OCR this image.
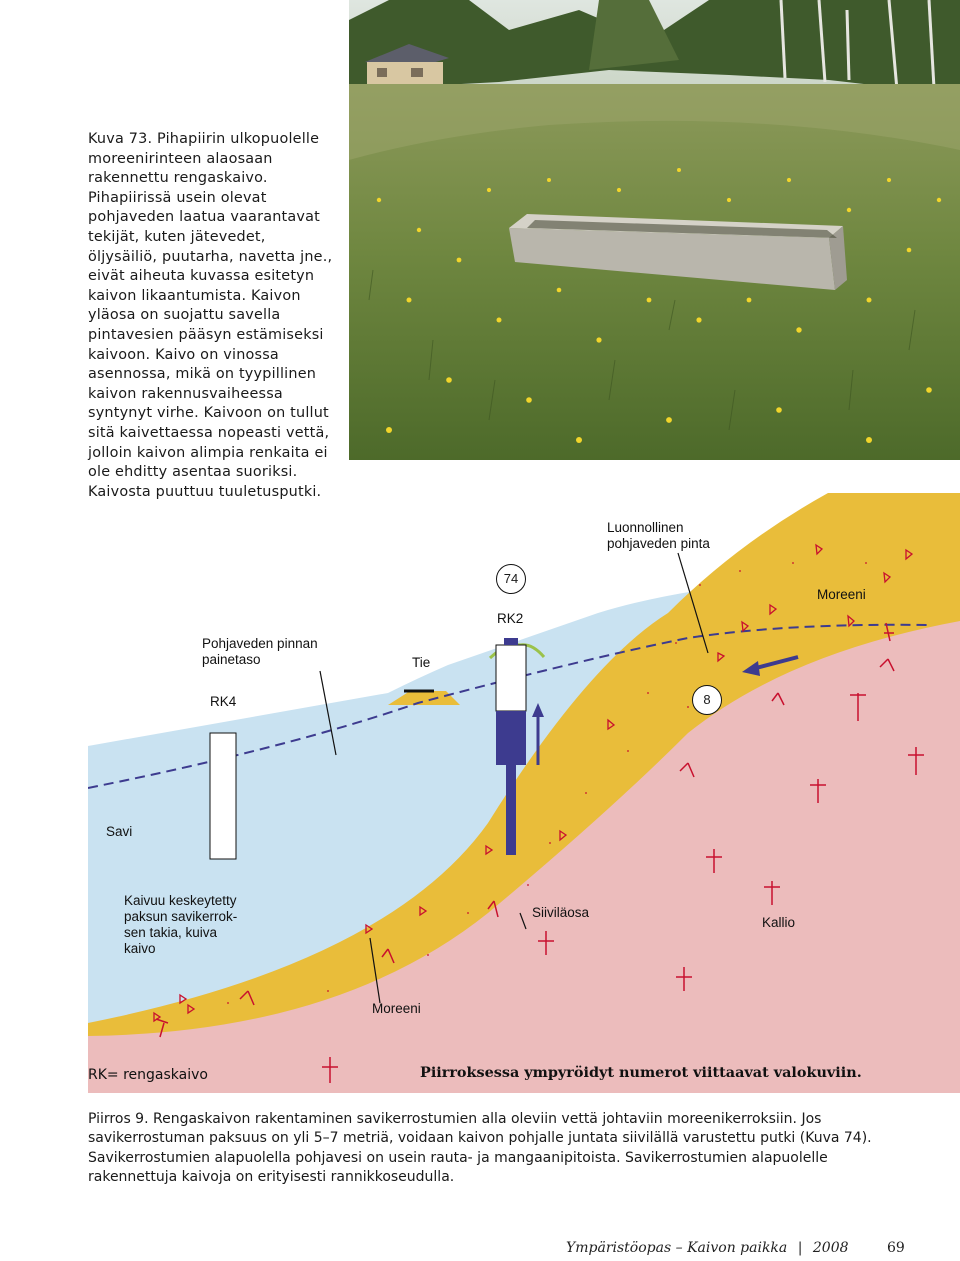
Kuva 73. Pihapiirin ulkopuolelle moreenirinteen alaosaan rakennettu rengaskaivo. Pihapiirissä usein olevat pohjaveden laatua vaarantavat tekijät, kuten jätevedet, öljysäiliö, puutarha, navetta jne., eivät aiheuta kuvassa esitetyn kaivon likaantumista. Kaivon yläosa on suojattu savella pintavesien pääsyn estämiseksi kaivoon. Kaivo on vinossa asennossa, mikä on tyypillinen kaivon rakennusvaiheessa syntynyt virhe. Kaivoon on tullut sitä kaivettaessa nopeasti vettä, jolloin kaivon alimpia renkaita ei ole ehditty asentaa suoriksi. Kaivosta puuttuu tuuletusputki.

Luonnollinen
pohjaveden pinta
Moreeni
RK2
Pohjaveden pinnan
painetaso	Tie
RK4
Savi
Kaivuu keskeytetty
paksun savikerrok-
sen takia, kuiva
kaivo
Siiviläosa
Kallio
Moreeni
74
8
RK= rengaskaivo	Piirroksessa ympyröidyt numerot viittaavat valokuviin.
Piirros 9. Rengaskaivon rakentaminen savikerrostumien alla oleviin vettä johtaviin moreenikerroksiin. Jos savikerrostuman paksuus on yli 5–7 metriä, voidaan kaivon pohjalle juntata siivilällä varustettu putki (Kuva 74). Savikerrostumien alapuolella pohjavesi on usein rauta- ja mangaanipitoista. Savikerrostumien alapuolelle rakennettuja kaivoja on erityisesti rannikkoseudulla.
Ympäristöopas – Kaivon paikka | 2008	69
